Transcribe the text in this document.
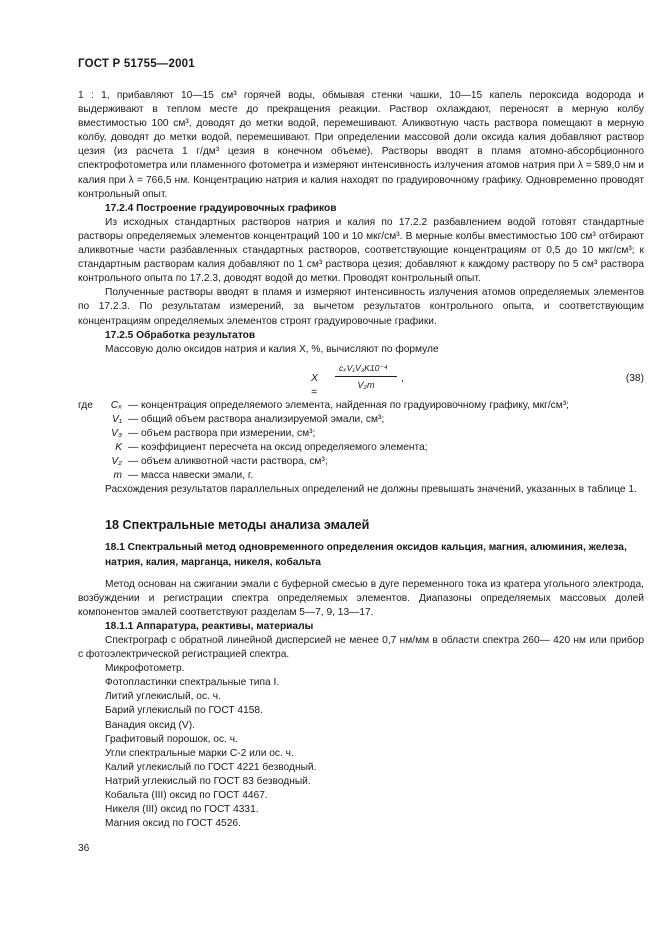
ГОСТ Р 51755—2001
1 : 1, прибавляют 10—15 см³ горячей воды, обмывая стенки чашки, 10—15 капель пероксида водорода и выдерживают в теплом месте до прекращения реакции. Раствор охлаждают, переносят в мерную колбу вместимостью 100 см³, доводят до метки водой, перемешивают. Аликвотную часть раствора помещают в мерную колбу, доводят до метки водой, перемешивают. При определении массовой доли оксида калия добавляют раствор цезия (из расчета 1 г/дм³ цезия в конечном объеме). Растворы вводят в пламя атомно-абсорбционного спектрофотометра или пламенного фотометра и измеряют интенсивность излучения атомов натрия при λ = 589,0 нм и калия при λ = 766,5 нм. Концентрацию натрия и калия находят по градуировочному графику. Одновременно проводят контрольный опыт.
17.2.4 Построение градуировочных графиков
Из исходных стандартных растворов натрия и калия по 17.2.2 разбавлением водой готовят стандартные растворы определяемых элементов концентраций 100 и 10 мкг/см³. В мерные колбы вместимостью 100 см³ отбирают аликвотные части разбавленных стандартных растворов, соответствующие концентрациям от 0,5 до 10 мкг/см³; к стандартным растворам калия добавляют по 1 см³ раствора цезия; добавляют к каждому раствору по 5 см³ раствора контрольного опыта по 17.2.3, доводят водой до метки. Проводят контрольный опыт.
Полученные растворы вводят в пламя и измеряют интенсивность излучения атомов определяемых элементов по 17.2.3. По результатам измерений, за вычетом результатов контрольного опыта, и соответствующим концентрациям определяемых элементов строят градуировочные графики.
17.2.5 Обработка результатов
Массовую долю оксидов натрия и калия X, %, вычисляют по формуле
X =
cₓV₁V₃K10⁻⁴
V₂m
,	(38)
где	Cₓ — концентрация определяемого элемента, найденная по градуировочному графику, мкг/см³;
V₁ — общий объем раствора анализируемой эмали, см³;
V₃ — объем раствора при измерении, см³;
K — коэффициент пересчета на оксид определяемого элемента;
V₂ — объем аликвотной части раствора, см³;
m — масса навески эмали, г.
Расхождения результатов параллельных определений не должны превышать значений, указанных в таблице 1.
18 Спектральные методы анализа эмалей
18.1 Спектральный метод одновременного определения оксидов кальция, магния, алюминия, железа, натрия, калия, марганца, никеля, кобальта
Метод основан на сжигании эмали с буферной смесью в дуге переменного тока из кратера угольного электрода, возбуждении и регистрации спектра определяемых элементов. Диапазоны определяемых массовых долей компонентов эмалей соответствуют разделам 5—7, 9, 13—17.
18.1.1 Аппаратура, реактивы, материалы
Спектрограф с обратной линейной дисперсией не менее 0,7 нм/мм в области спектра 260— 420 нм или прибор с фотоэлектрической регистрацией спектра.
Микрофотометр.
Фотопластинки спектральные типа I.
Литий углекислый, ос. ч.
Барий углекислый по ГОСТ 4158.
Ванадия оксид (V).
Графитовый порошок, ос. ч.
Угли спектральные марки С-2 или ос. ч.
Калий углекислый по ГОСТ 4221 безводный.
Натрий углекислый по ГОСТ 83 безводный.
Кобальта (III) оксид по ГОСТ 4467.
Никеля (III) оксид по ГОСТ 4331.
Магния оксид по ГОСТ 4526.
36
